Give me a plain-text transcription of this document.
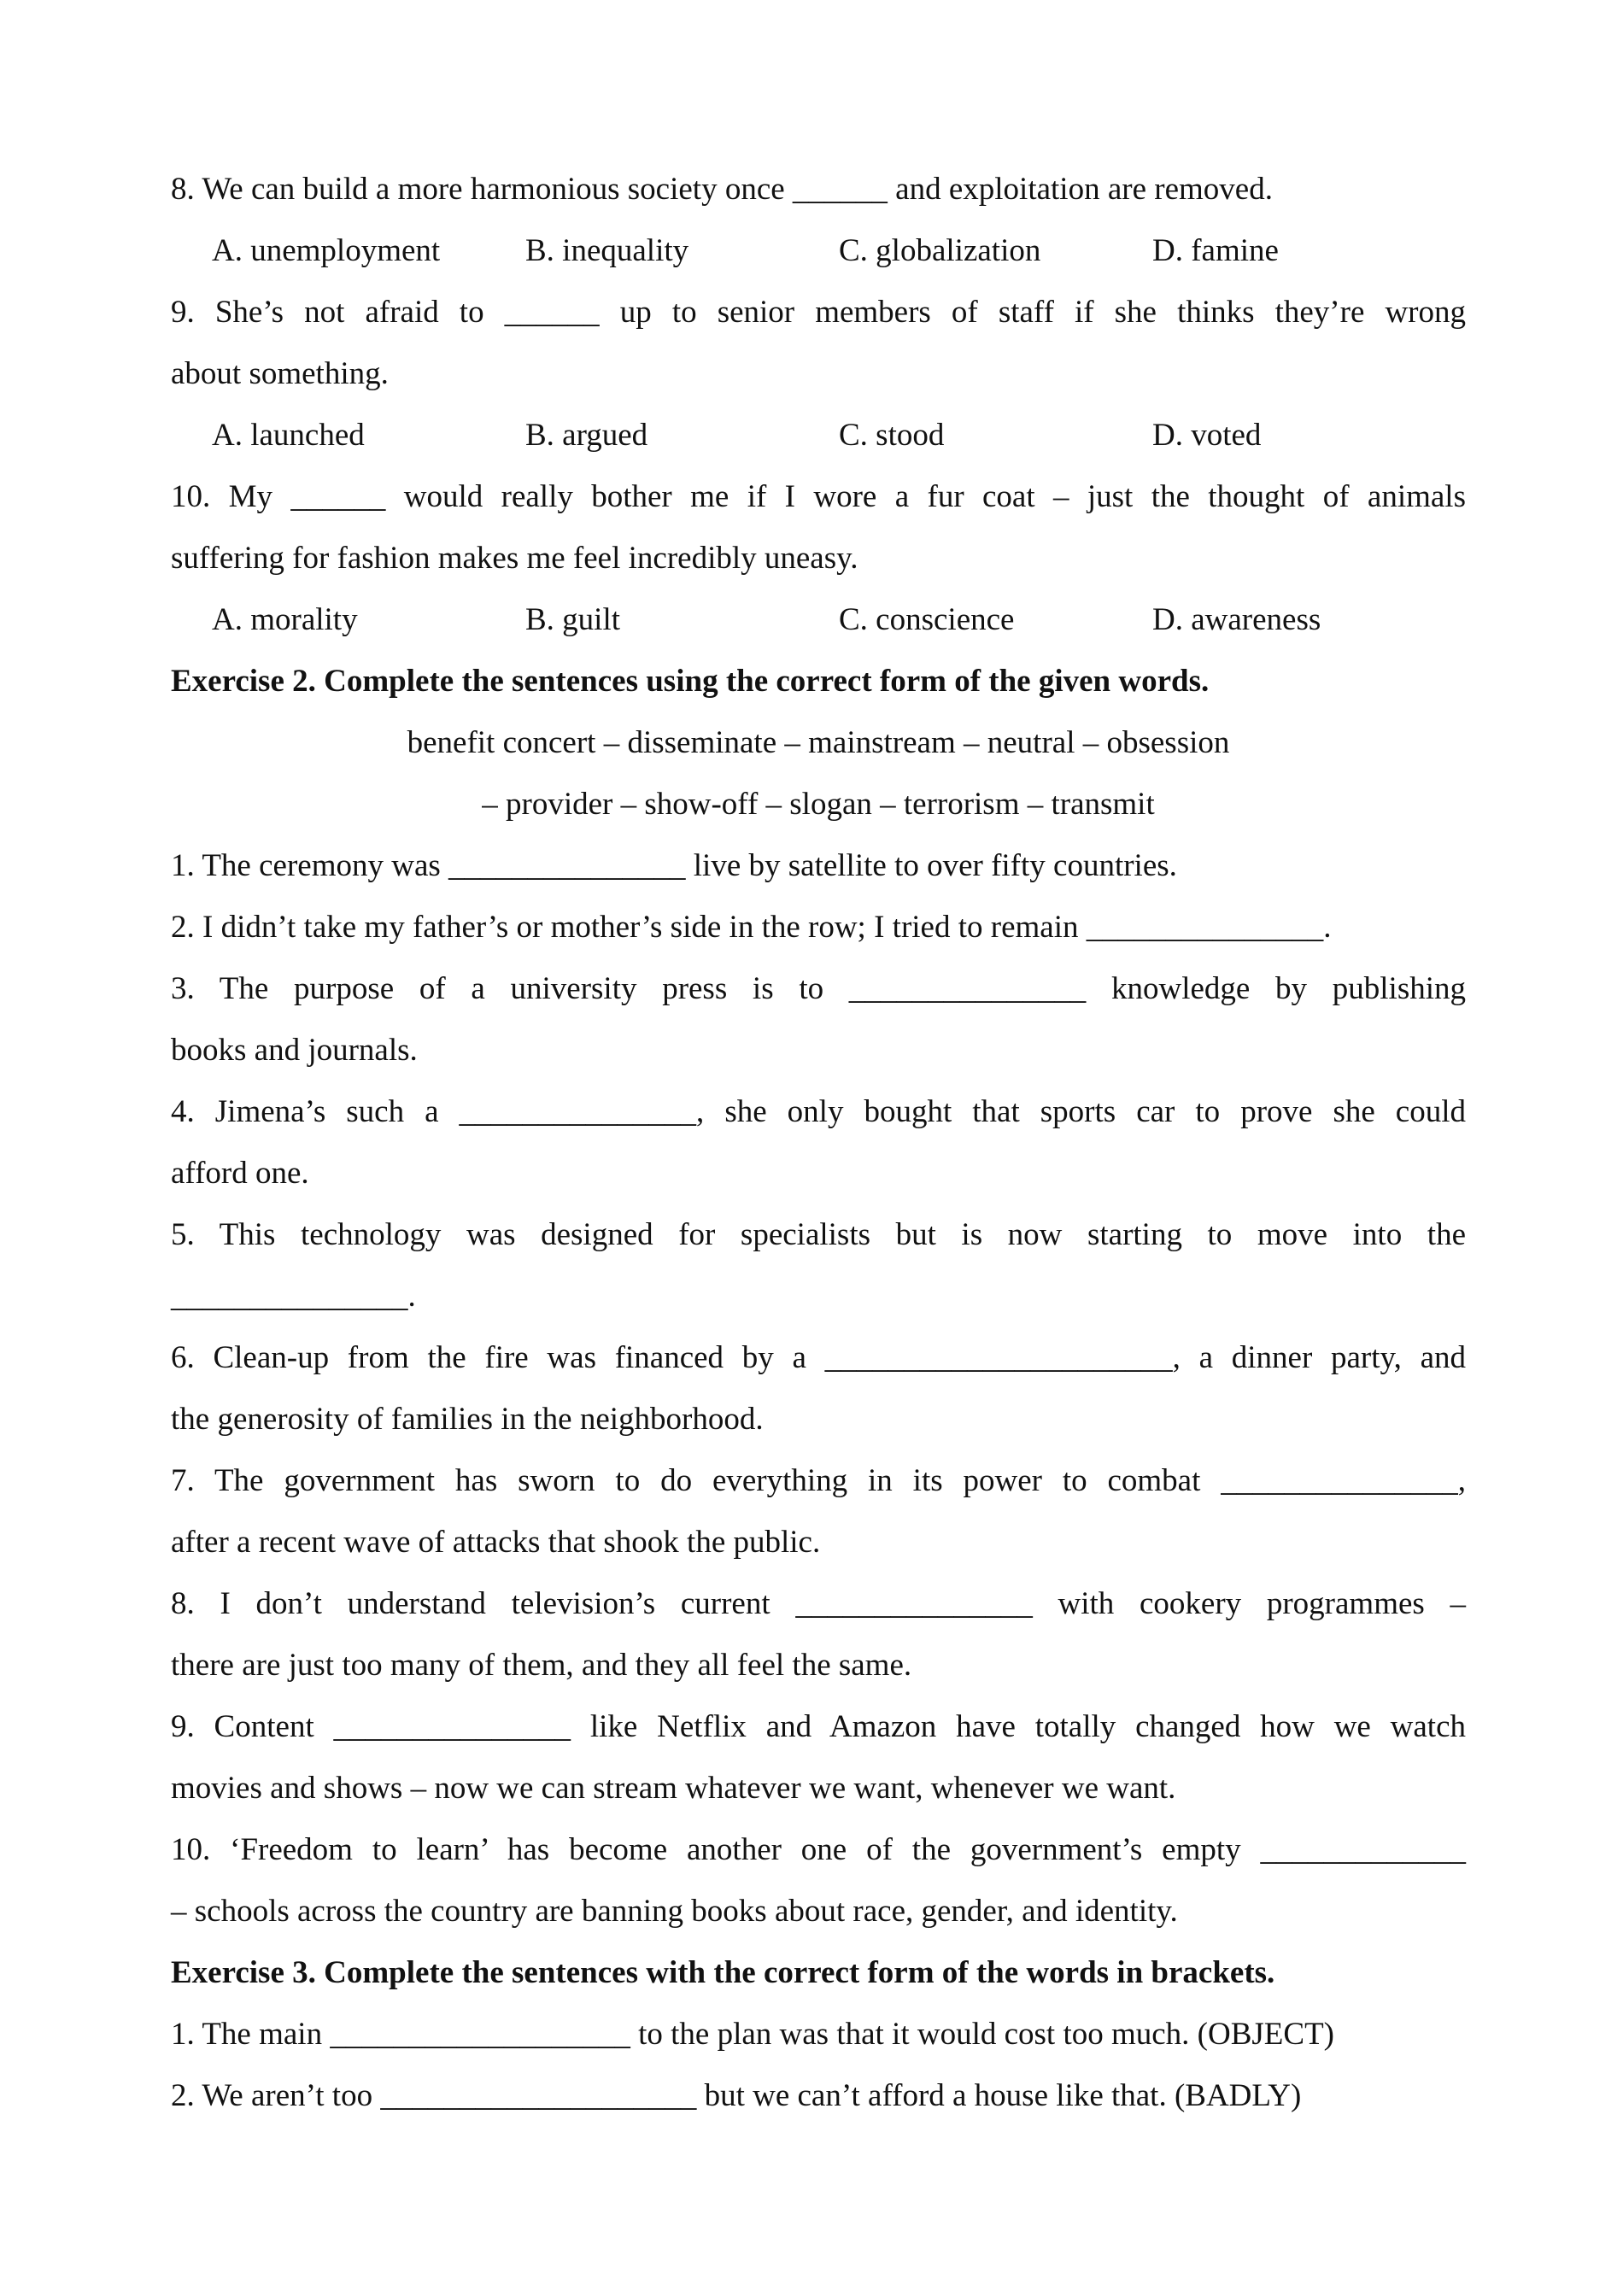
8. We can build a more harmonious society once ______ and exploitation are removed.
A. unemployment	B. inequality	C. globalization	D. famine
9. She’s not afraid to ______ up to senior members of staff if she thinks they’re wrong
about something.
A. launched	B. argued	C. stood	D. voted
10. My ______ would really bother me if I wore a fur coat – just the thought of animals
suffering for fashion makes me feel incredibly uneasy.
A. morality	B. guilt	C. conscience	D. awareness
Exercise 2. Complete the sentences using the correct form of the given words.
benefit concert – disseminate – mainstream – neutral – obsession
– provider – show-off – slogan – terrorism – transmit
1. The ceremony was _______________ live by satellite to over fifty countries.
2. I didn’t take my father’s or mother’s side in the row; I tried to remain _______________.
3. The purpose of a university press is to _______________ knowledge by publishing
books and journals.
4. Jimena’s such a _______________, she only bought that sports car to prove she could
afford one.
5. This technology was designed for specialists but is now starting to move into the
_______________.
6. Clean-up from the fire was financed by a ______________________, a dinner party, and
the generosity of families in the neighborhood.
7. The government has sworn to do everything in its power to combat _______________,
after a recent wave of attacks that shook the public.
8. I don’t understand television’s current _______________ with cookery programmes –
there are just too many of them, and they all feel the same.
9. Content _______________ like Netflix and Amazon have totally changed how we watch
movies and shows – now we can stream whatever we want, whenever we want.
10. ‘Freedom to learn’ has become another one of the government’s empty _____________
– schools across the country are banning books about race, gender, and identity.
Exercise 3. Complete the sentences with the correct form of the words in brackets.
1. The main ___________________ to the plan was that it would cost too much. (OBJECT)
2. We aren’t too ____________________ but we can’t afford a house like that. (BADLY)
